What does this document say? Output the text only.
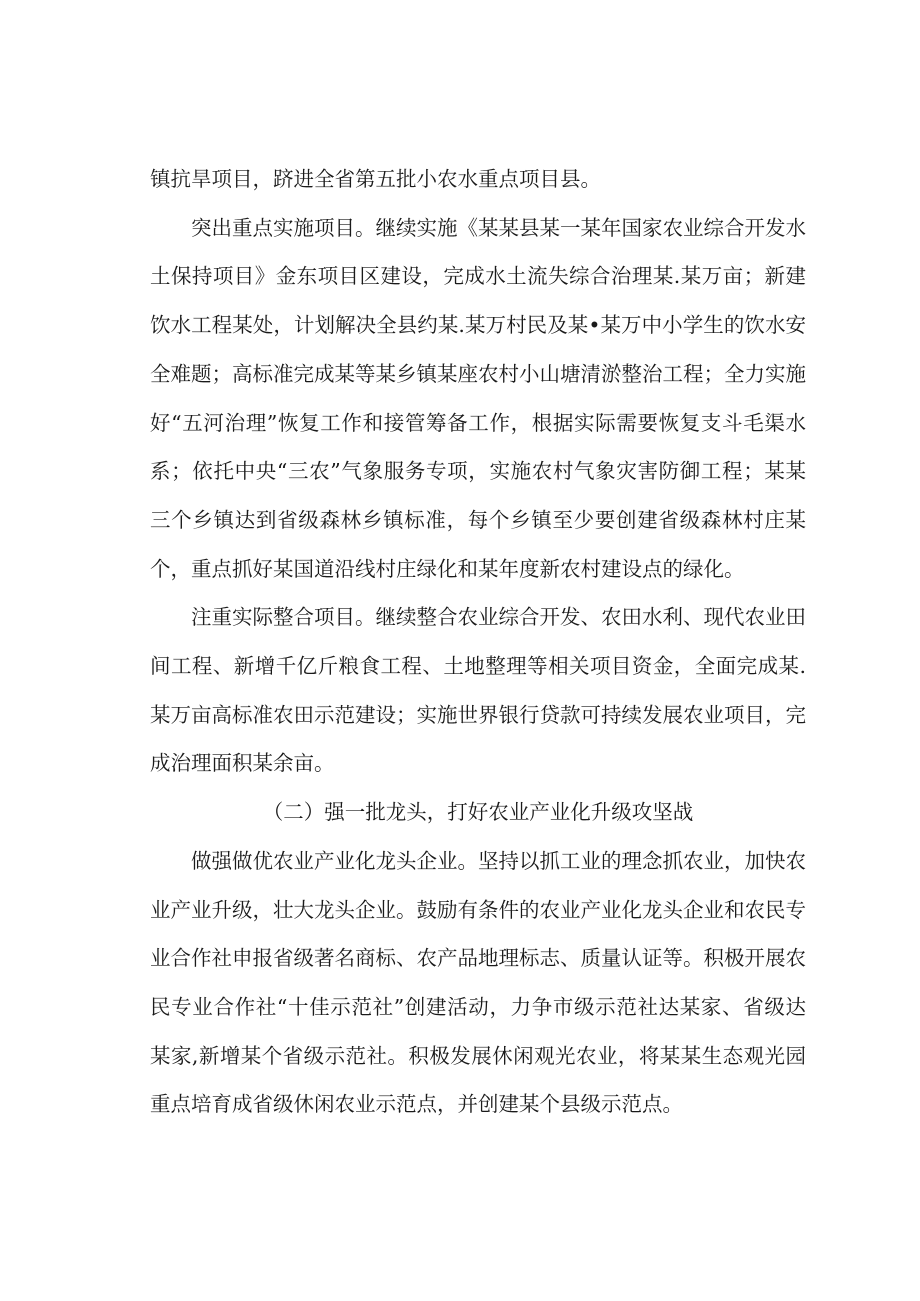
镇抗旱项目，跻进全省第五批小农水重点项目县。

突出重点实施项目。继续实施《某某县某一某年国家农业综合开发水土保持项目》金东项目区建设，完成水土流失综合治理某.某万亩；新建饮水工程某处，计划解决全县约某.某万村民及某•某万中小学生的饮水安全难题；高标准完成某等某乡镇某座农村小山塘清淤整治工程；全力实施好“五河治理”恢复工作和接管筹备工作，根据实际需要恢复支斗毛渠水系；依托中央“三农”气象服务专项，实施农村气象灾害防御工程；某某三个乡镇达到省级森林乡镇标准，每个乡镇至少要创建省级森林村庄某个，重点抓好某国道沿线村庄绿化和某年度新农村建设点的绿化。

注重实际整合项目。继续整合农业综合开发、农田水利、现代农业田间工程、新增千亿斤粮食工程、土地整理等相关项目资金，全面完成某.某万亩高标准农田示范建设；实施世界银行贷款可持续发展农业项目，完成治理面积某余亩。

（二）强一批龙头，打好农业产业化升级攻坚战

做强做优农业产业化龙头企业。坚持以抓工业的理念抓农业，加快农业产业升级，壮大龙头企业。鼓励有条件的农业产业化龙头企业和农民专业合作社申报省级著名商标、农产品地理标志、质量认证等。积极开展农民专业合作社“十佳示范社”创建活动，力争市级示范社达某家、省级达某家,新增某个省级示范社。积极发展休闲观光农业，将某某生态观光园重点培育成省级休闲农业示范点，并创建某个县级示范点。
